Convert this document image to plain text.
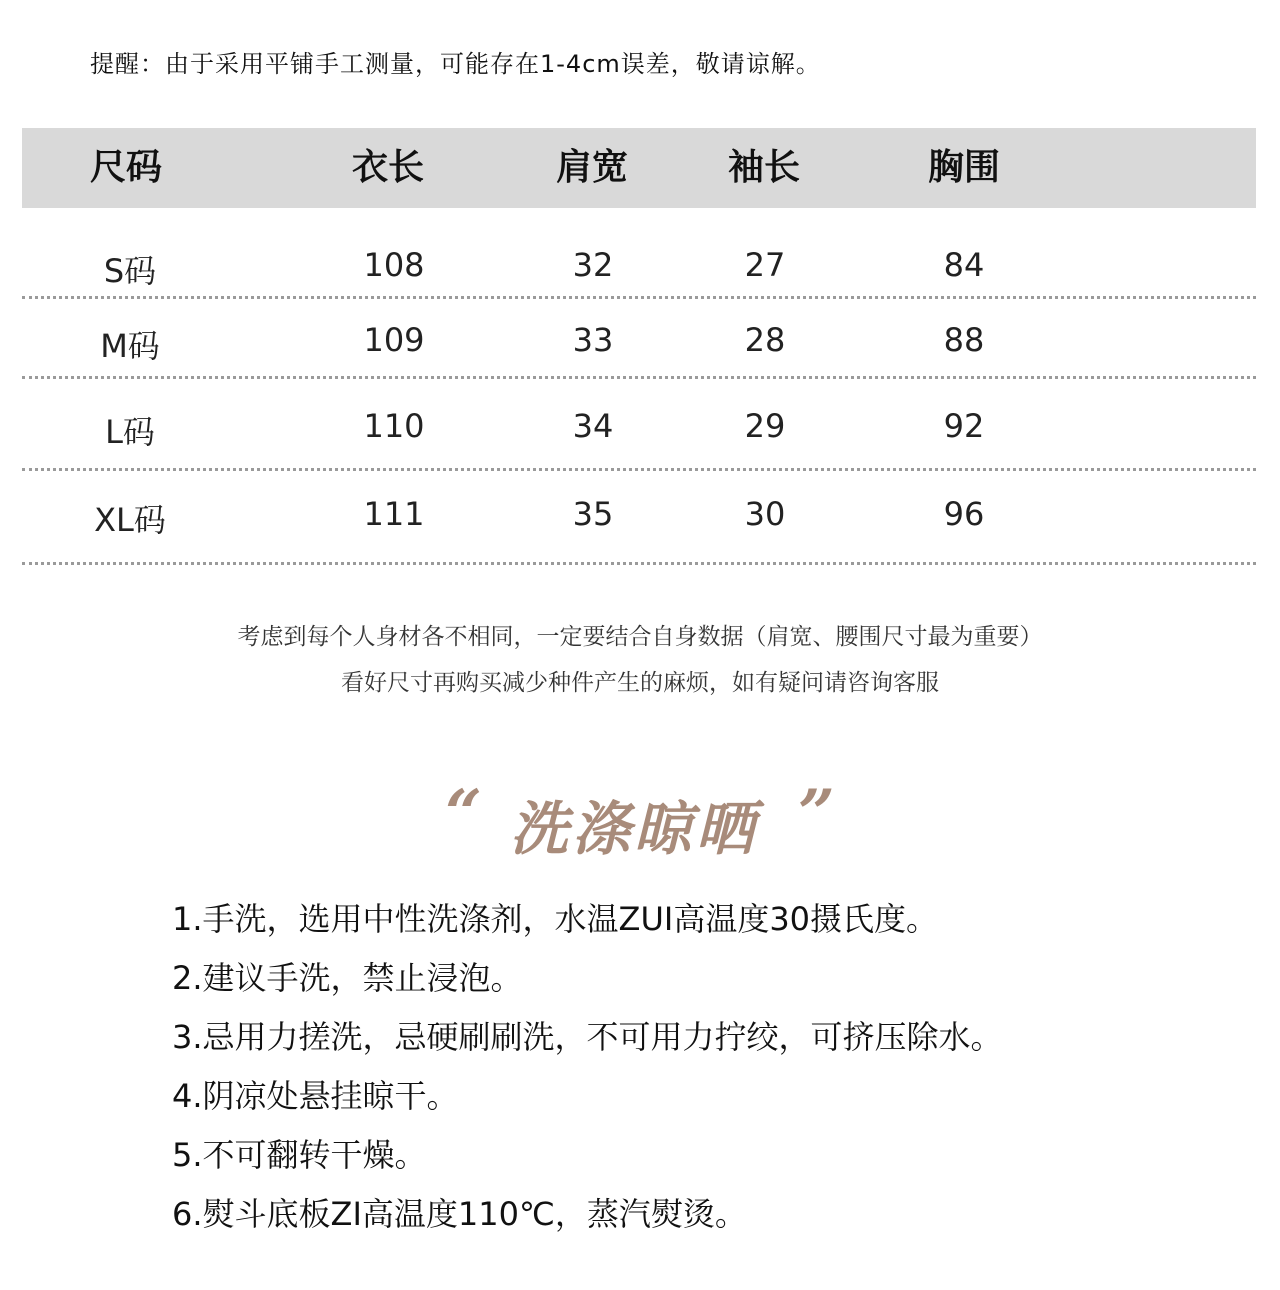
提醒：由于采用平铺手工测量，可能存在1-4cm误差，敬请谅解。
尺码	衣长	肩宽	袖长	胸围
S码	108	32	27	84
M码	109	33	28	88
L码	110	34	29	92
XL码	111	35	30	96
考虑到每个人身材各不相同，一定要结合自身数据（肩宽、腰围尺寸最为重要）
看好尺寸再购买减少种件产生的麻烦，如有疑问请咨询客服
“ 洗涤晾晒 ”
1.手洗，选用中性洗涤剂，水温ZUI高温度30摄氏度。
2.建议手洗，禁止浸泡。
3.忌用力搓洗，忌硬刷刷洗，不可用力拧绞，可挤压除水。
4.阴凉处悬挂晾干。
5.不可翻转干燥。
6.熨斗底板ZI高温度110℃，蒸汽熨烫。
